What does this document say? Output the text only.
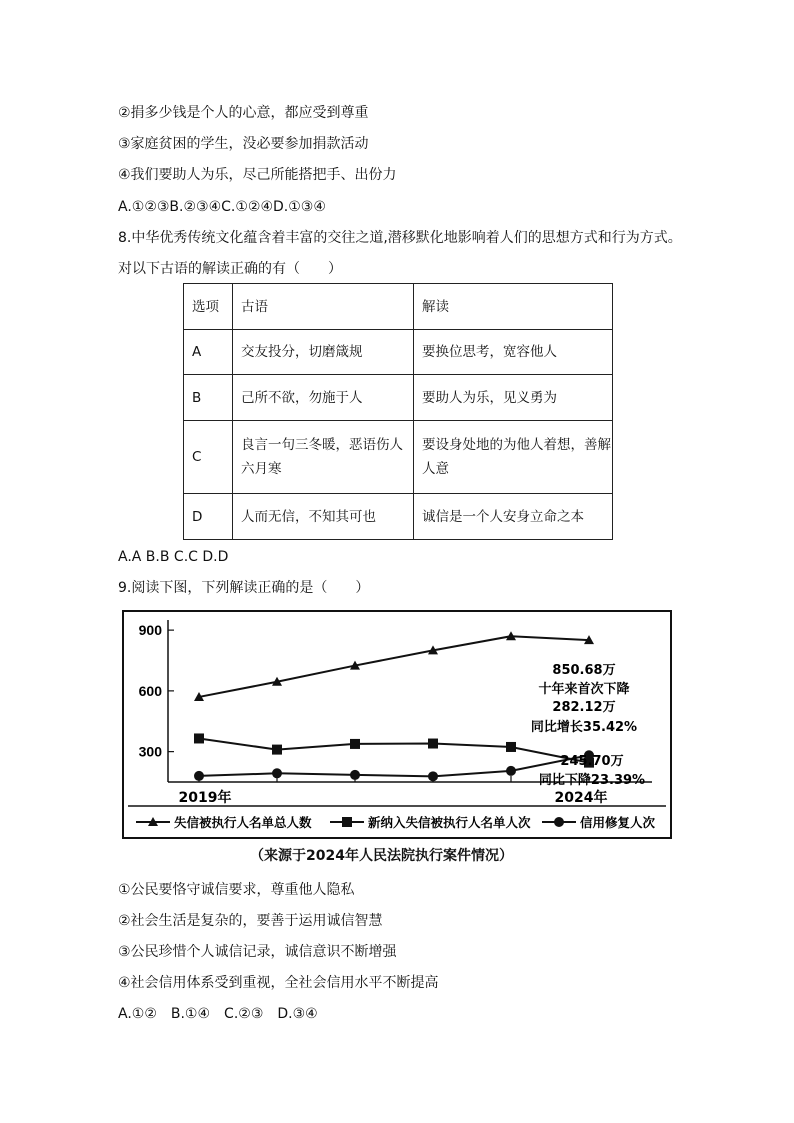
②捐多少钱是个人的心意，都应受到尊重
③家庭贫困的学生，没必要参加捐款活动
④我们要助人为乐，尽己所能搭把手、出份力
A.①②③B.②③④C.①②④D.①③④
8.中华优秀传统文化蕴含着丰富的交往之道,潜移默化地影响着人们的思想方式和行为方式。
对以下古语的解读正确的有（　　）
选项	古语	解读
A	交友投分，切磨箴规	要换位思考，宽容他人
B	己所不欲，勿施于人	要助人为乐，见义勇为
C	良言一句三冬暖，恶语伤人六月寒	要设身处地的为他人着想，善解人意
D	人而无信，不知其可也	诚信是一个人安身立命之本
A.A B.B C.C D.D
9.阅读下图，下列解读正确的是（　　）
300
600
900
2019年	2024年
850.68万
十年来首次下降
282.12万
同比增长35.42%
245.70万
同比下降23.39%
失信被执行人名单总人数	新纳入失信被执行人名单人次	信用修复人次
（来源于2024年人民法院执行案件情况）
①公民要恪守诚信要求，尊重他人隐私
②社会生活是复杂的，要善于运用诚信智慧
③公民珍惜个人诚信记录，诚信意识不断增强
④社会信用体系受到重视，全社会信用水平不断提高
A.①②　B.①④　C.②③　D.③④
